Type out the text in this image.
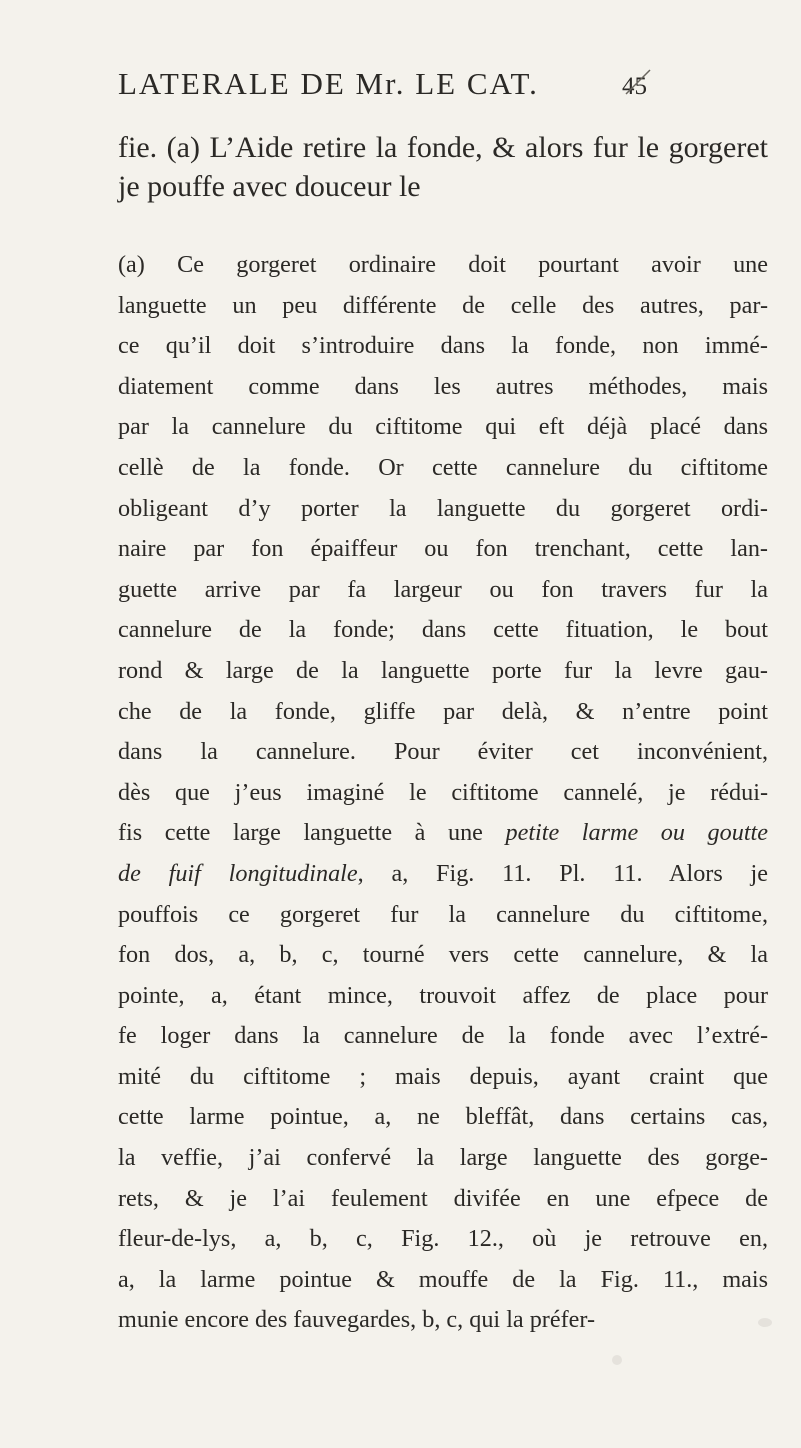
LATERALE DE Mr. LE CAT.	45

fie. (a) L’Aide retire la fonde, & alors fur le gorgeret je pouffe avec douceur le

(a) Ce gorgeret ordinaire doit pourtant avoir une
languette un peu différente de celle des autres, par-
ce qu’il doit s’introduire dans la fonde, non immé-
diatement comme dans les autres méthodes, mais
par la cannelure du ciftitome qui eft déjà placé dans
cellè de la fonde. Or cette cannelure du ciftitome
obligeant d’y porter la languette du gorgeret ordi-
naire par fon épaiffeur ou fon trenchant, cette lan-
guette arrive par fa largeur ou fon travers fur la
cannelure de la fonde; dans cette fituation, le bout
rond & large de la languette porte fur la levre gau-
che de la fonde, gliffe par delà, & n’entre point
dans la cannelure. Pour éviter cet inconvénient,
dès que j’eus imaginé le ciftitome cannelé, je rédui-
fis cette large languette à une petite larme ou goutte
de fuif longitudinale, a, Fig. 11. Pl. 11. Alors je
pouffois ce gorgeret fur la cannelure du ciftitome,
fon dos, a, b, c, tourné vers cette cannelure, & la
pointe, a, étant mince, trouvoit affez de place pour
fe loger dans la cannelure de la fonde avec l’extré-
mité du ciftitome ; mais depuis, ayant craint que
cette larme pointue, a, ne bleffât, dans certains cas,
la veffie, j’ai confervé la large languette des gorge-
rets, & je l’ai feulement divifée en une efpece de
fleur-de-lys, a, b, c, Fig. 12., où je retrouve en,
a, la larme pointue & mouffe de la Fig. 11., mais
munie encore des fauvegardes, b, c, qui la préfer-
